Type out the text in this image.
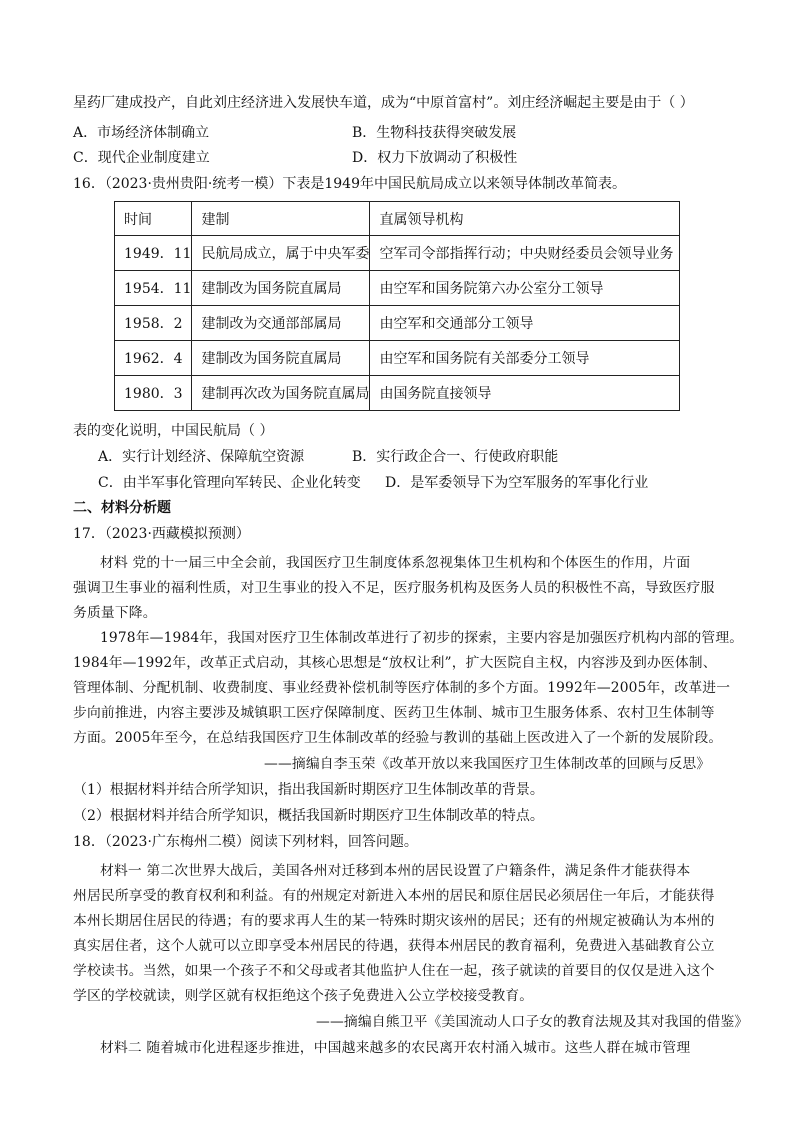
星药厂建成投产，自此刘庄经济进入发展快车道，成为“中原首富村”。刘庄经济崛起主要是由于（ ）
A．市场经济体制确立	B．生物科技获得突破发展
C．现代企业制度建立	D．权力下放调动了积极性
16．（2023·贵州贵阳·统考一模）下表是1949年中国民航局成立以来领导体制改革简表。
时间	建制	直属领导机构
1949．11	民航局成立，属于中央军委	空军司令部指挥行动；中央财经委员会领导业务
1954．11	建制改为国务院直属局	由空军和国务院第六办公室分工领导
1958．2	建制改为交通部部属局	由空军和交通部分工领导
1962．4	建制改为国务院直属局	由空军和国务院有关部委分工领导
1980．3	建制再次改为国务院直属局	由国务院直接领导
表的变化说明，中国民航局（ ）
A．实行计划经济、保障航空资源	B．实行政企合一、行使政府职能
C．由半军事化管理向军转民、企业化转变 D．是军委领导下为空军服务的军事化行业
二、材料分析题
17．（2023·西藏模拟预测）
材料 党的十一届三中全会前，我国医疗卫生制度体系忽视集体卫生机构和个体医生的作用，片面
强调卫生事业的福利性质，对卫生事业的投入不足，医疗服务机构及医务人员的积极性不高，导致医疗服
务质量下降。
1978年—1984年，我国对医疗卫生体制改革进行了初步的探索，主要内容是加强医疗机构内部的管理。
1984年—1992年，改革正式启动，其核心思想是“放权让利”，扩大医院自主权，内容涉及到办医体制、
管理体制、分配机制、收费制度、事业经费补偿机制等医疗体制的多个方面。1992年—2005年，改革进一
步向前推进，内容主要涉及城镇职工医疗保障制度、医药卫生体制、城市卫生服务体系、农村卫生体制等
方面。2005年至今，在总结我国医疗卫生体制改革的经验与教训的基础上医改进入了一个新的发展阶段。
——摘编自李玉荣《改革开放以来我国医疗卫生体制改革的回顾与反思》
（1）根据材料并结合所学知识，指出我国新时期医疗卫生体制改革的背景。
（2）根据材料并结合所学知识，概括我国新时期医疗卫生体制改革的特点。
18．（2023·广东梅州二模）阅读下列材料，回答问题。
材料一 第二次世界大战后，美国各州对迁移到本州的居民设置了户籍条件，满足条件才能获得本
州居民所享受的教育权利和利益。有的州规定对新进入本州的居民和原住居民必须居住一年后，才能获得
本州长期居住居民的待遇；有的要求再人生的某一特殊时期灾该州的居民；还有的州规定被确认为本州的
真实居住者，这个人就可以立即享受本州居民的待遇，获得本州居民的教育福利，免费进入基础教育公立
学校读书。当然，如果一个孩子不和父母或者其他监护人住在一起，孩子就读的首要目的仅仅是进入这个
学区的学校就读，则学区就有权拒绝这个孩子免费进入公立学校接受教育。
——摘编自熊卫平《美国流动人口子女的教育法规及其对我国的借鉴》
材料二 随着城市化进程逐步推进，中国越来越多的农民离开农村涌入城市。这些人群在城市管理
